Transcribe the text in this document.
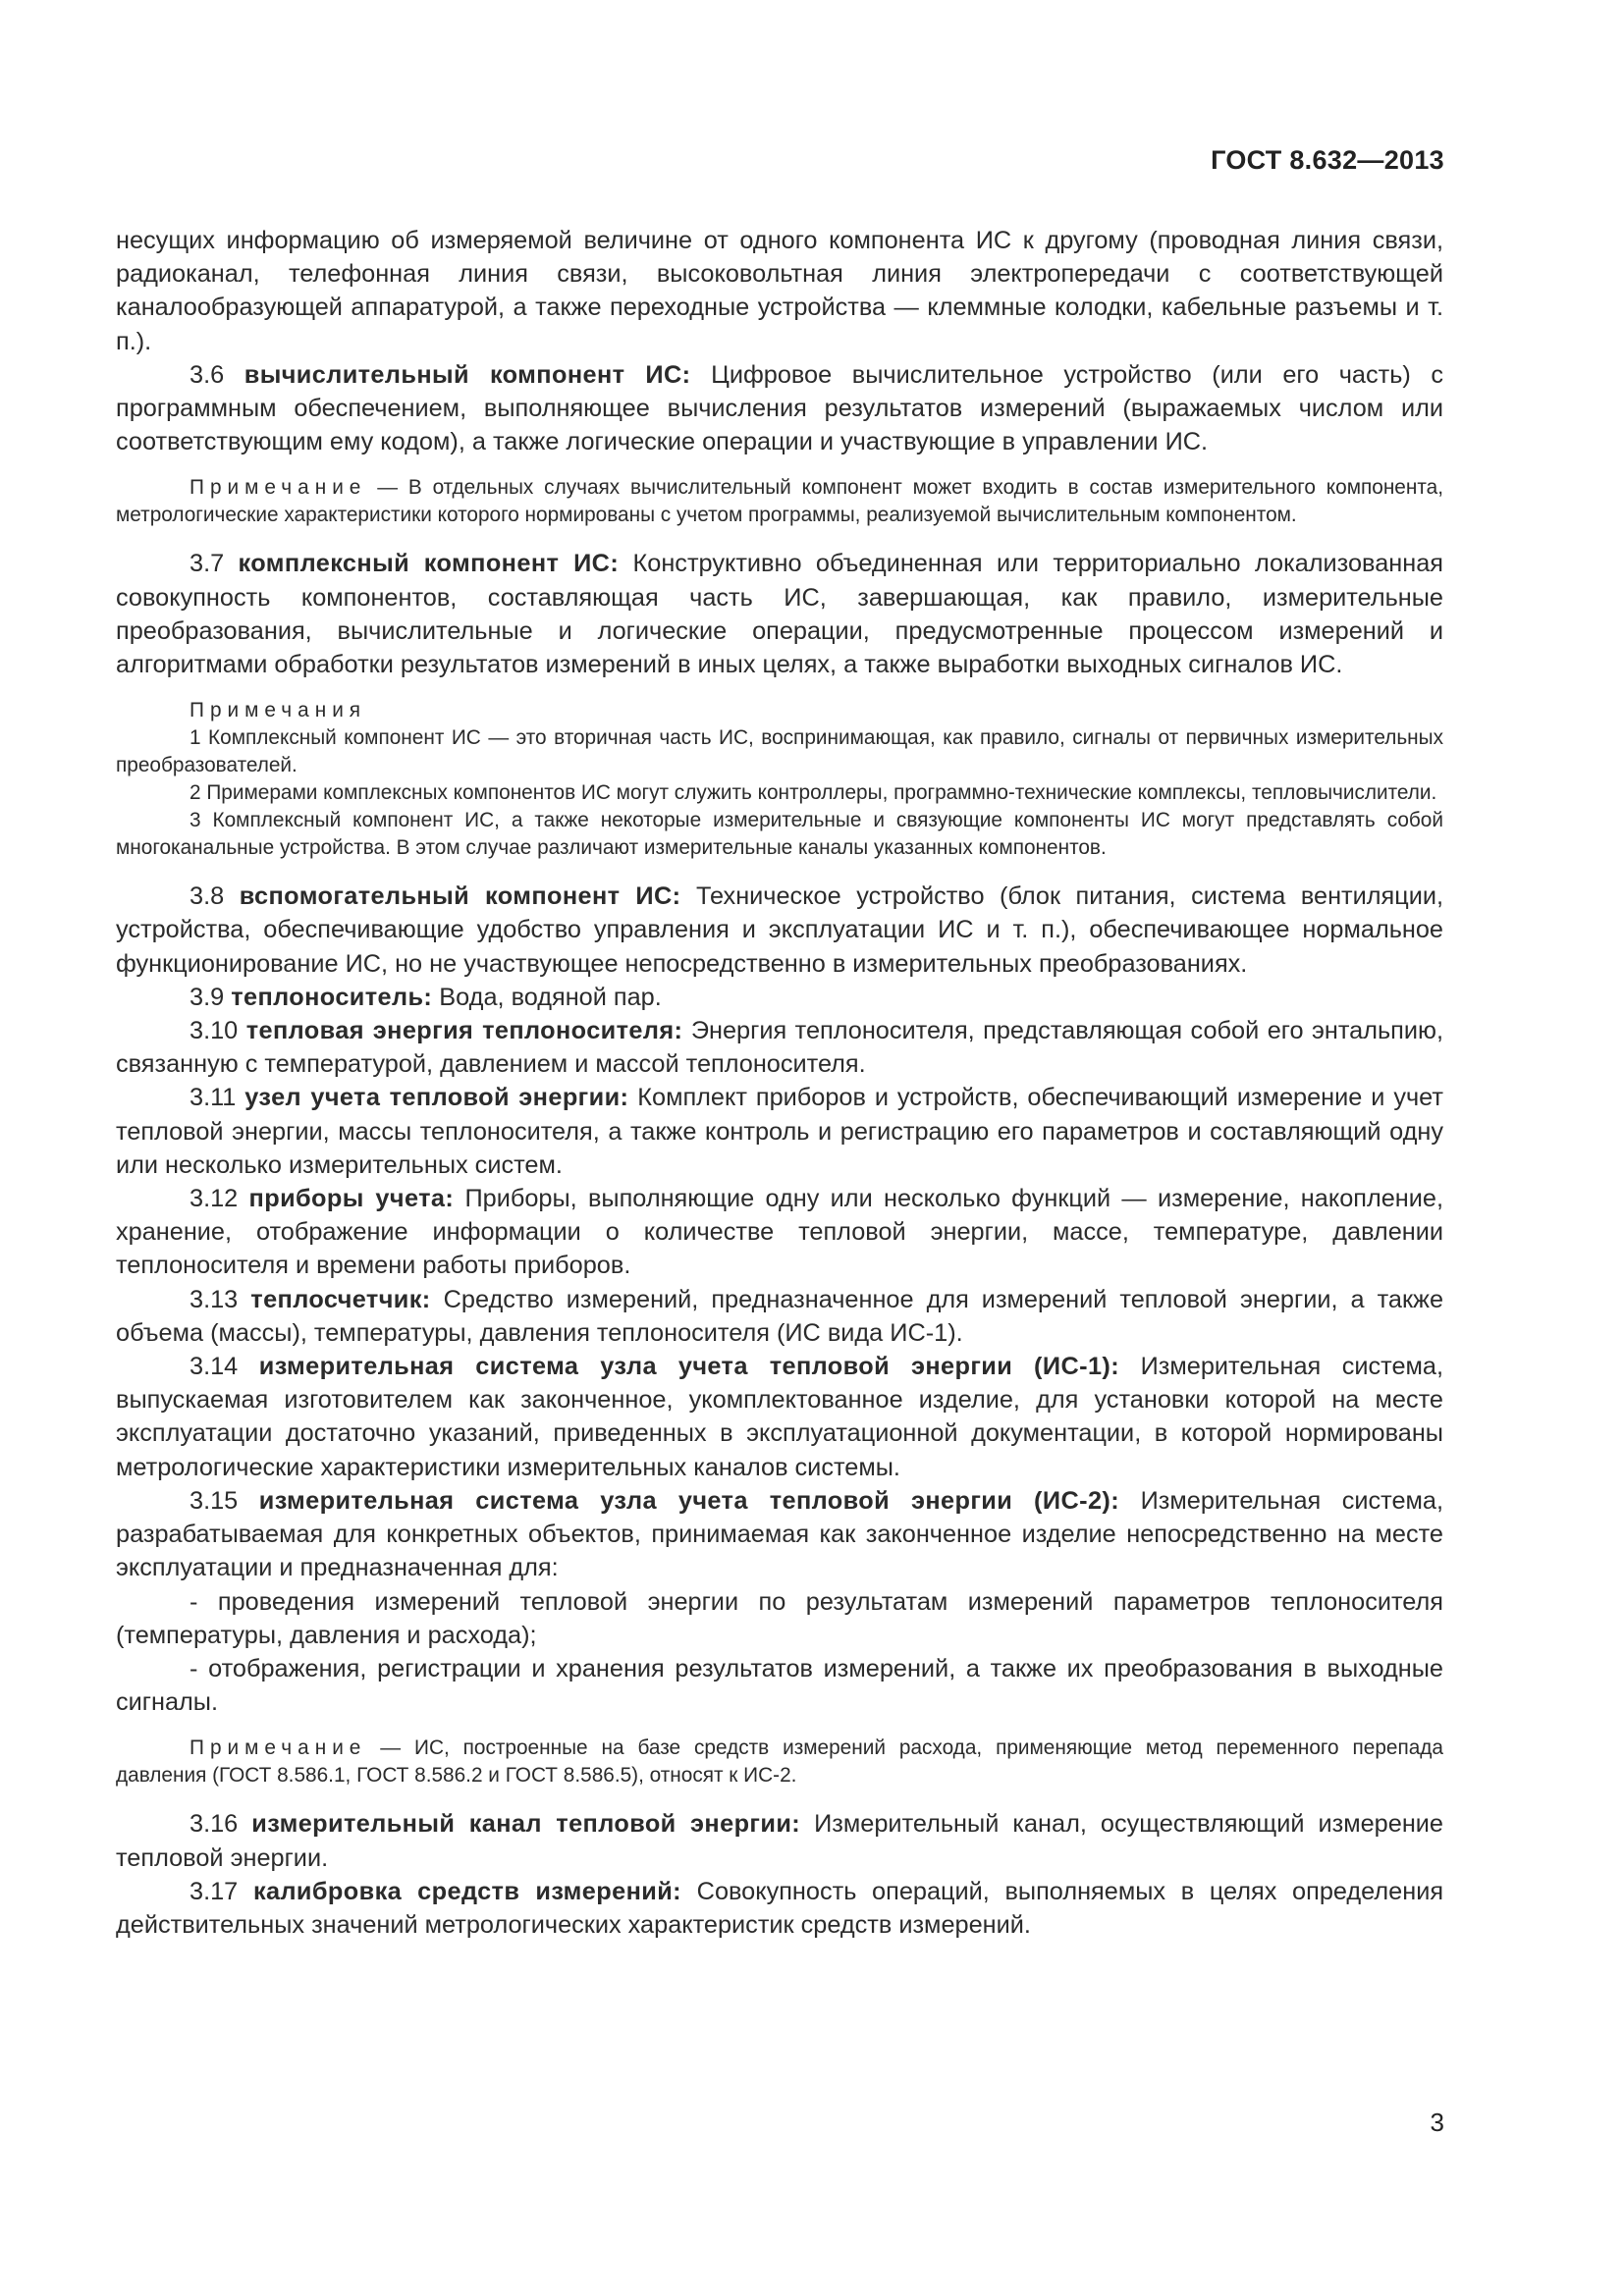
ГОСТ 8.632—2013

несущих информацию об измеряемой величине от одного компонента ИС к другому (проводная линия связи, радиоканал, телефонная линия связи, высоковольтная линия электропередачи с соответствующей каналообразующей аппаратурой, а также переходные устройства — клеммные колодки, кабельные разъемы и т. п.).

3.6 вычислительный компонент ИС: Цифровое вычислительное устройство (или его часть) с программным обеспечением, выполняющее вычисления результатов измерений (выражаемых числом или соответствующим ему кодом), а также логические операции и участвующие в управлении ИС.

Примечание — В отдельных случаях вычислительный компонент может входить в состав измерительного компонента, метрологические характеристики которого нормированы с учетом программы, реализуемой вычислительным компонентом.

3.7 комплексный компонент ИС: Конструктивно объединенная или территориально локализованная совокупность компонентов, составляющая часть ИС, завершающая, как правило, измерительные преобразования, вычислительные и логические операции, предусмотренные процессом измерений и алгоритмами обработки результатов измерений в иных целях, а также выработки выходных сигналов ИС.

Примечания

1 Комплексный компонент ИС — это вторичная часть ИС, воспринимающая, как правило, сигналы от первичных измерительных преобразователей.

2 Примерами комплексных компонентов ИС могут служить контроллеры, программно-технические комплексы, тепловычислители.

3 Комплексный компонент ИС, а также некоторые измерительные и связующие компоненты ИС могут представлять собой многоканальные устройства. В этом случае различают измерительные каналы указанных компонентов.

3.8 вспомогательный компонент ИС: Техническое устройство (блок питания, система вентиляции, устройства, обеспечивающие удобство управления и эксплуатации ИС и т. п.), обеспечивающее нормальное функционирование ИС, но не участвующее непосредственно в измерительных преобразованиях.

3.9 теплоноситель: Вода, водяной пар.

3.10 тепловая энергия теплоносителя: Энергия теплоносителя, представляющая собой его энтальпию, связанную с температурой, давлением и массой теплоносителя.

3.11 узел учета тепловой энергии: Комплект приборов и устройств, обеспечивающий измерение и учет тепловой энергии, массы теплоносителя, а также контроль и регистрацию его параметров и составляющий одну или несколько измерительных систем.

3.12 приборы учета: Приборы, выполняющие одну или несколько функций — измерение, накопление, хранение, отображение информации о количестве тепловой энергии, массе, температуре, давлении теплоносителя и времени работы приборов.

3.13 теплосчетчик: Средство измерений, предназначенное для измерений тепловой энергии, а также объема (массы), температуры, давления теплоносителя (ИС вида ИС-1).

3.14 измерительная система узла учета тепловой энергии (ИС-1): Измерительная система, выпускаемая изготовителем как законченное, укомплектованное изделие, для установки которой на месте эксплуатации достаточно указаний, приведенных в эксплуатационной документации, в которой нормированы метрологические характеристики измерительных каналов системы.

3.15 измерительная система узла учета тепловой энергии (ИС-2): Измерительная система, разрабатываемая для конкретных объектов, принимаемая как законченное изделие непосредственно на месте эксплуатации и предназначенная для:

- проведения измерений тепловой энергии по результатам измерений параметров теплоносителя (температуры, давления и расхода);

- отображения, регистрации и хранения результатов измерений, а также их преобразования в выходные сигналы.

Примечание — ИС, построенные на базе средств измерений расхода, применяющие метод переменного перепада давления (ГОСТ 8.586.1, ГОСТ 8.586.2 и ГОСТ 8.586.5), относят к ИС-2.

3.16 измерительный канал тепловой энергии: Измерительный канал, осуществляющий измерение тепловой энергии.

3.17 калибровка средств измерений: Совокупность операций, выполняемых в целях определения действительных значений метрологических характеристик средств измерений.

3
